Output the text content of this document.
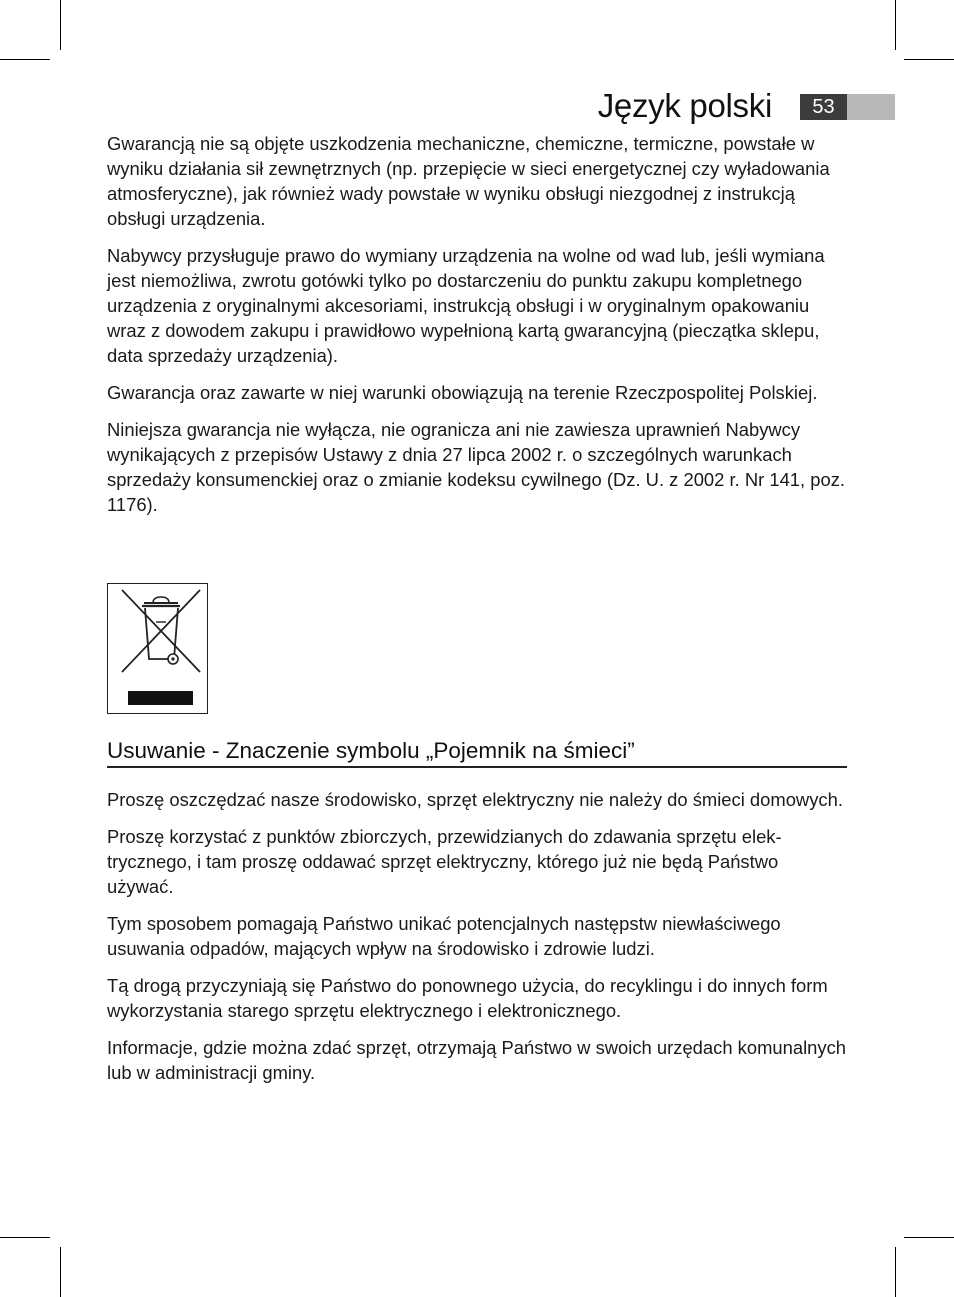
Język polski	53

Gwarancją nie są objęte uszkodzenia mechaniczne, chemiczne, termiczne, powstałe w wyniku działania sił zewnętrznych (np. przepięcie w sieci energetycznej czy wyładowania atmosferyczne), jak również wady powstałe w wyniku obsługi niezgodnej z instrukcją obsługi urządzenia.

Nabywcy przysługuje prawo do wymiany urządzenia na wolne od wad lub, jeśli wymiana jest niemożliwa, zwrotu gotówki tylko po dostarczeniu do punktu zakupu kompletnego urządzenia z oryginalnymi akcesoriami, instrukcją obsługi i w oryginalnym opakowaniu wraz z dowodem zakupu i prawidłowo wypełnioną kartą gwarancyjną (pieczątka sklepu, data sprzedaży urządzenia).

Gwarancja oraz zawarte w niej warunki obowiązują na terenie Rzeczpospolitej Polskiej.

Niniejsza gwarancja nie wyłącza, nie ogranicza ani nie zawiesza uprawnień Nabywcy wynikających z przepisów Ustawy z dnia 27 lipca 2002 r. o szczególnych warunkach sprzedaży konsumenckiej oraz o zmianie kodeksu cywilnego (Dz. U. z 2002 r. Nr 141, poz. 1176).

Usuwanie - Znaczenie symbolu „Pojemnik na śmieci”

Proszę oszczędzać nasze środowisko, sprzęt elektryczny nie należy do śmieci domowych.

Proszę korzystać z punktów zbiorczych, przewidzianych do zdawania sprzętu elektrycznego, i tam proszę oddawać sprzęt elektryczny, którego już nie będą Państwo używać.

Tym sposobem pomagają Państwo unikać potencjalnych następstw niewłaściwego usuwania odpadów, mających wpływ na środowisko i zdrowie ludzi.

Tą drogą przyczyniają się Państwo do ponownego użycia, do recyklingu i do innych form wykorzystania starego sprzętu elektrycznego i elektronicznego.

Informacje, gdzie można zdać sprzęt, otrzymają Państwo w swoich urzędach komunalnych lub w administracji gminy.
